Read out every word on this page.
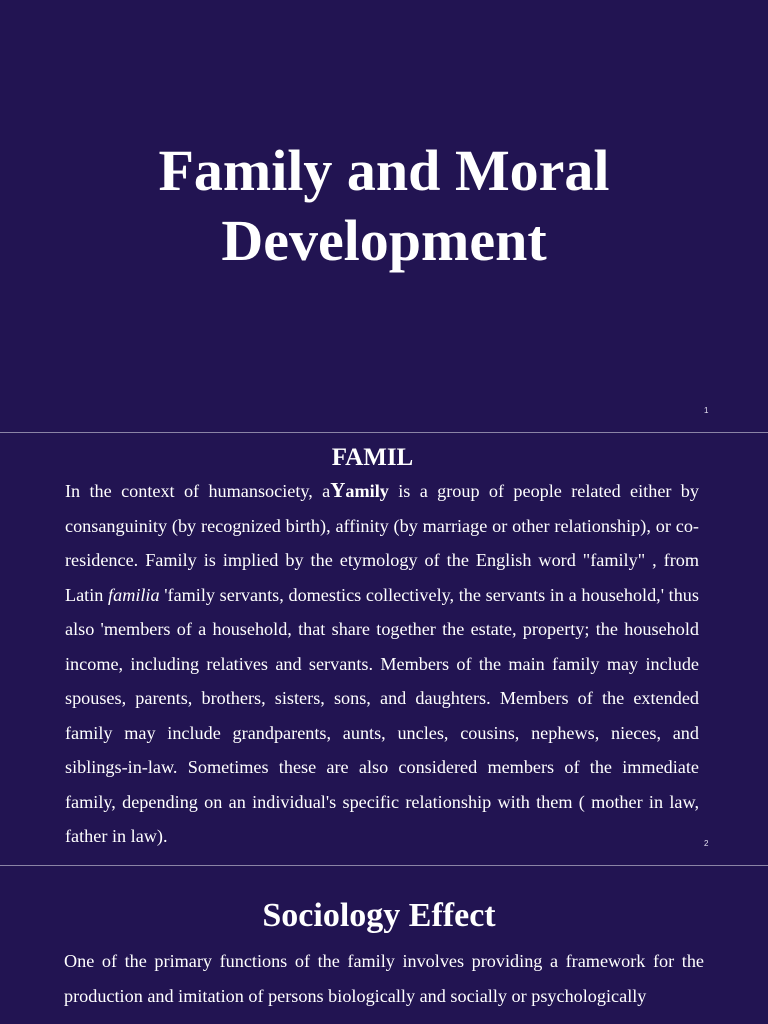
Family and Moral
Development
1
FAMIL

In the context of humansociety, aYamily is a group of people related either by consanguinity (by recognized birth), affinity (by marriage or other relationship), or co-residence. Family is implied by the etymology of the English word "family" , from Latin familia 'family servants, domestics collectively, the servants in a household,' thus also 'members of a household, that share together the estate, property; the household income, including relatives and servants. Members of the main family may include spouses, parents, brothers, sisters, sons, and daughters. Members of the extended family may include grandparents, aunts, uncles, cousins, nephews, nieces, and siblings-in-law. Sometimes these are also considered members of the immediate family, depending on an individual's specific relationship with them ( mother in law, father in law).	2
Sociology Effect

One of the primary functions of the family involves providing a framework for the production and imitation of persons biologically and socially or psychologically
